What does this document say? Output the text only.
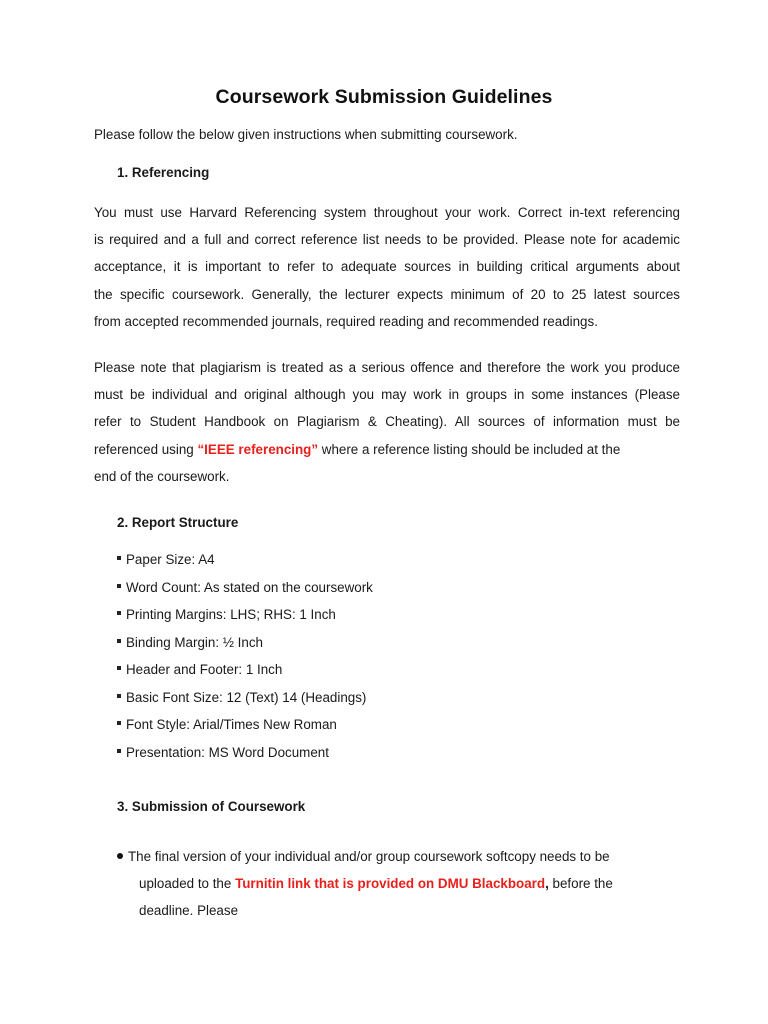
Coursework Submission Guidelines
Please follow the below given instructions when submitting coursework.
1. Referencing
You must use Harvard Referencing system throughout your work. Correct in-text referencing
is required and a full and correct reference list needs to be provided. Please note for academic
acceptance, it is important to refer to adequate sources in building critical arguments about
the specific coursework. Generally, the lecturer expects minimum of 20 to 25 latest sources
from accepted recommended journals, required reading and recommended readings.
Please note that plagiarism is treated as a serious offence and therefore the work you produce
must be individual and original although you may work in groups in some instances (Please
refer to Student Handbook on Plagiarism & Cheating). All sources of information must be
referenced using “IEEE referencing” where a reference listing should be included at the
end of the coursework.
2. Report Structure
Paper Size: A4
Word Count: As stated on the coursework
Printing Margins: LHS; RHS: 1 Inch
Binding Margin: ½ Inch
Header and Footer: 1 Inch
Basic Font Size: 12 (Text) 14 (Headings)
Font Style: Arial/Times New Roman
Presentation: MS Word Document
3. Submission of Coursework
The final version of your individual and/or group coursework softcopy needs to be
uploaded to the Turnitin link that is provided on DMU Blackboard, before the
deadline. Please
